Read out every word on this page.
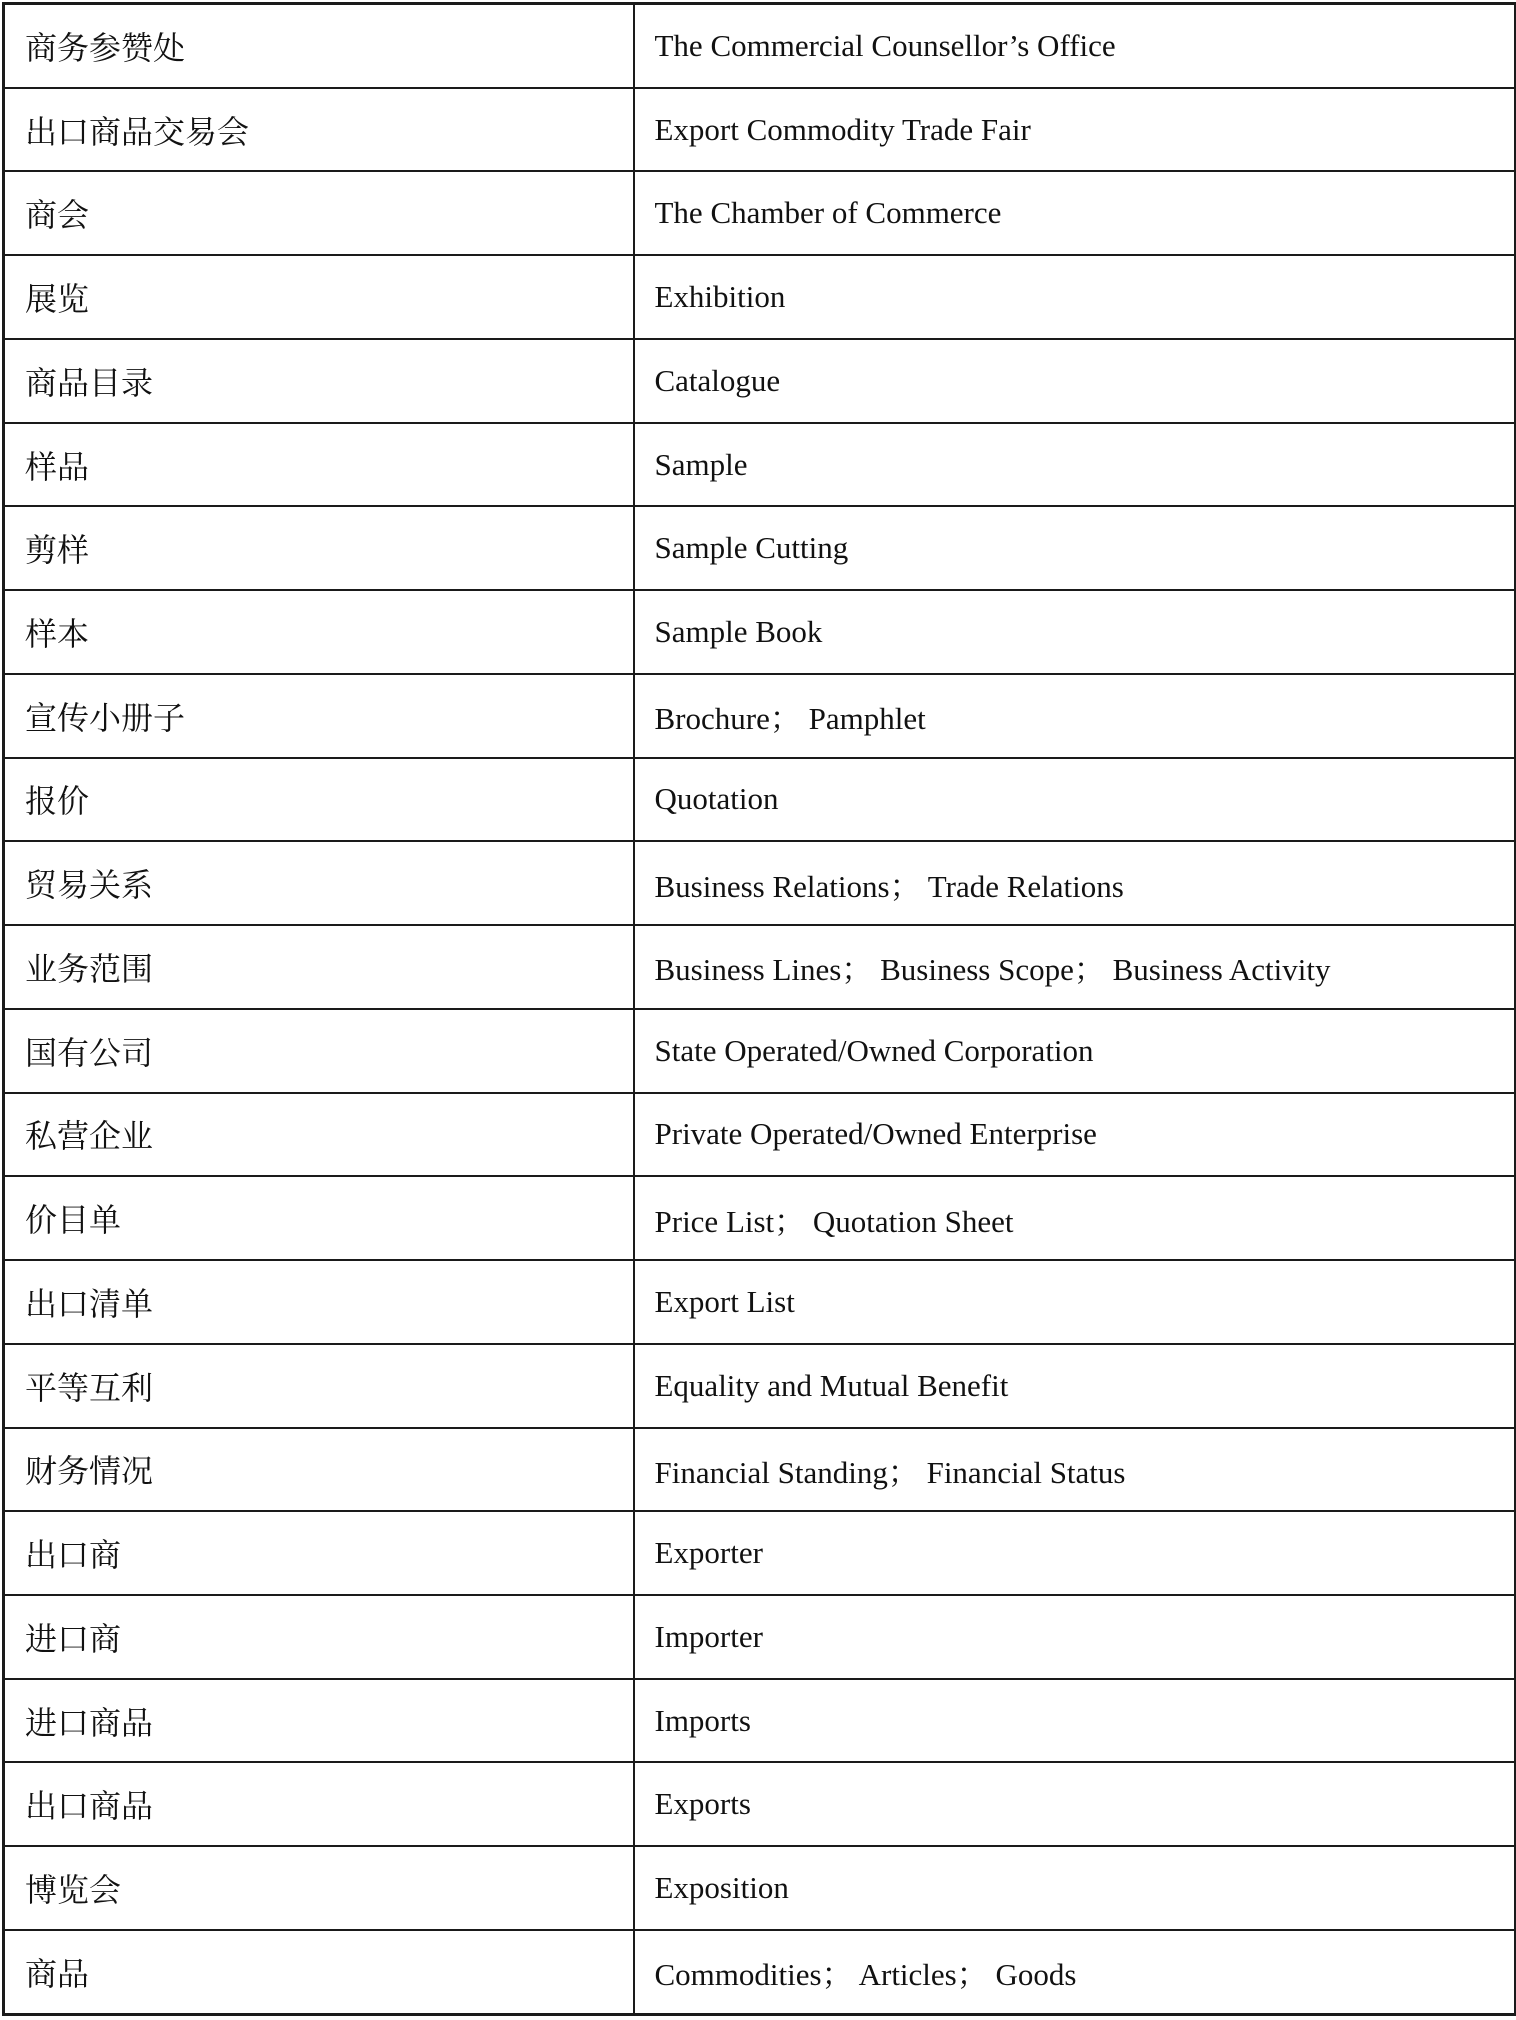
商务参赞处	The Commercial Counsellor’s Office
出口商品交易会	Export Commodity Trade Fair
商会	The Chamber of Commerce
展览	Exhibition
商品目录	Catalogue
样品	Sample
剪样	Sample Cutting
样本	Sample Book
宣传小册子	Brochure； Pamphlet
报价	Quotation
贸易关系	Business Relations； Trade Relations
业务范围	Business Lines； Business Scope； Business Activity
国有公司	State Operated/Owned Corporation
私营企业	Private Operated/Owned Enterprise
价目单	Price List； Quotation Sheet
出口清单	Export List
平等互利	Equality and Mutual Benefit
财务情况	Financial Standing； Financial Status
出口商	Exporter
进口商	Importer
进口商品	Imports
出口商品	Exports
博览会	Exposition
商品	Commodities； Articles； Goods
